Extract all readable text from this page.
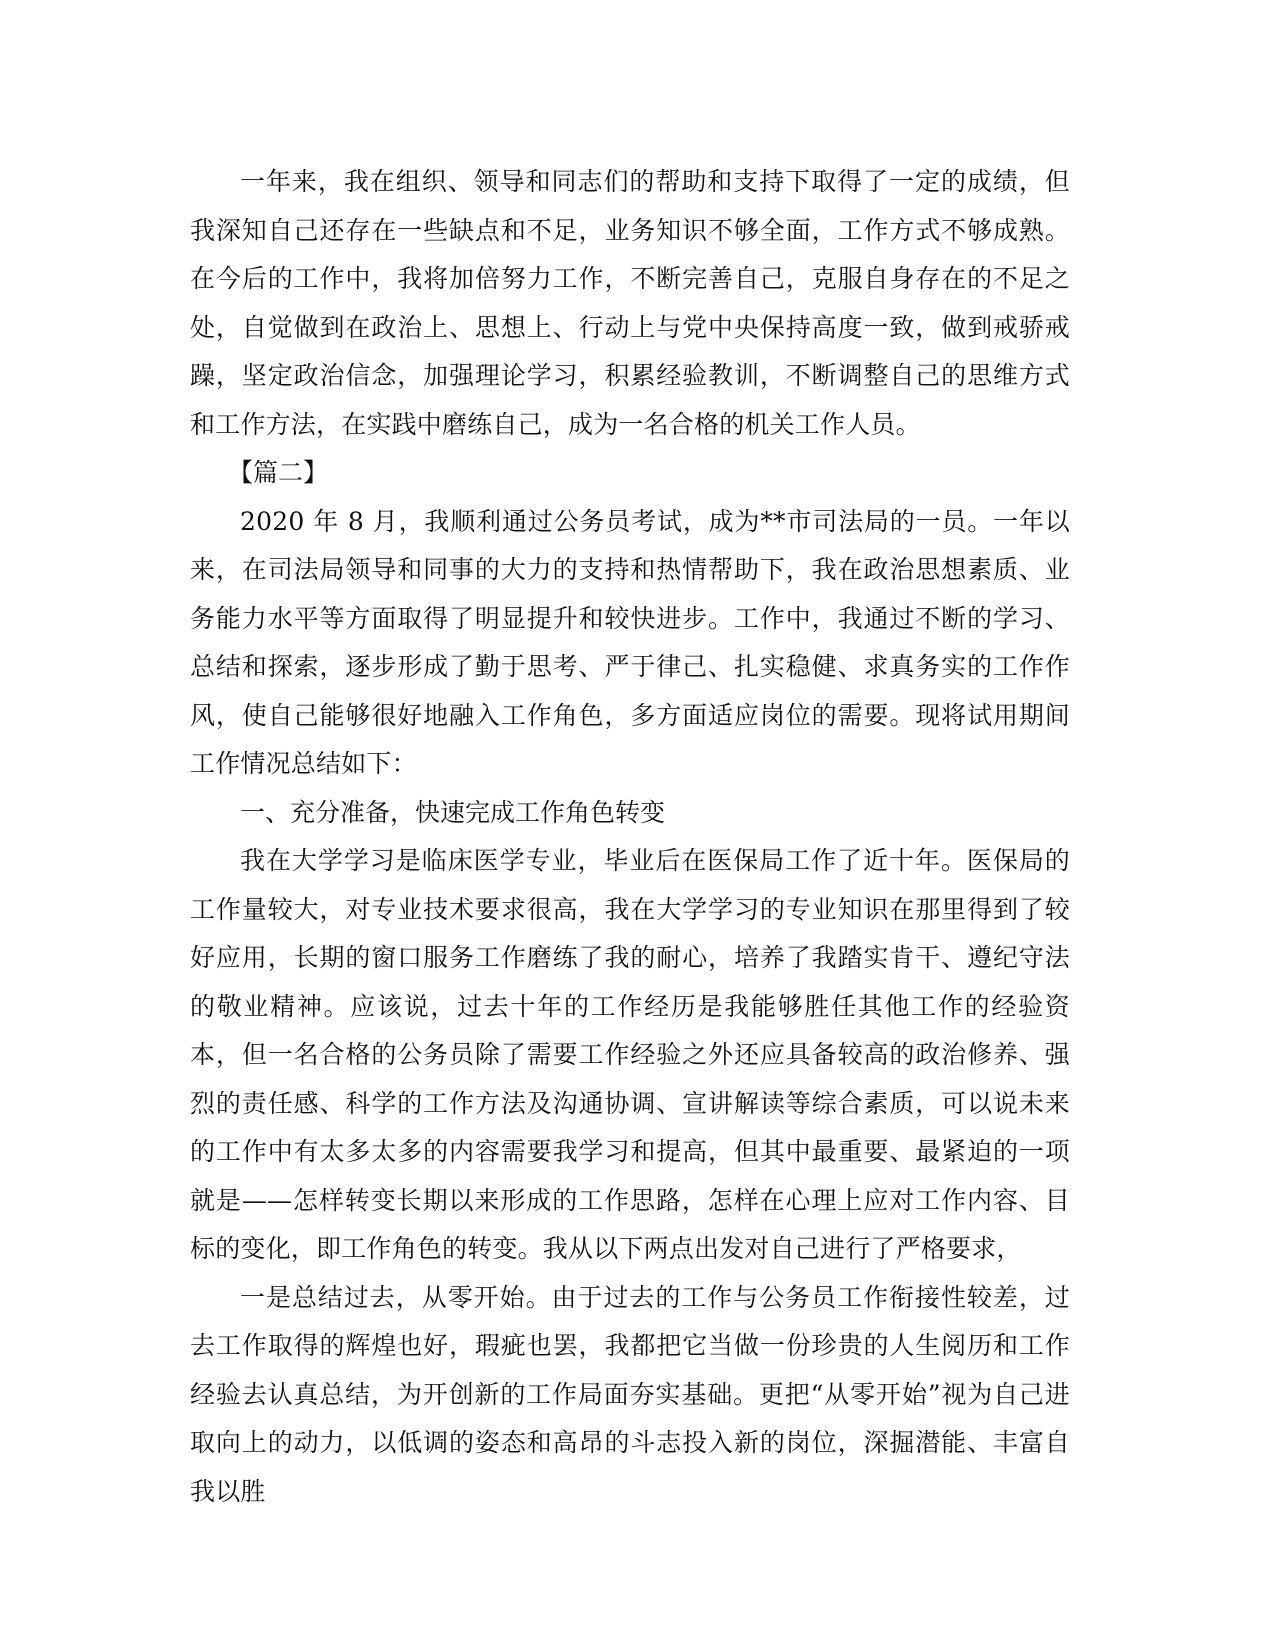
一年来，我在组织、领导和同志们的帮助和支持下取得了一定的成绩，但我深知自己还存在一些缺点和不足，业务知识不够全面，工作方式不够成熟。在今后的工作中，我将加倍努力工作，不断完善自己，克服自身存在的不足之处，自觉做到在政治上、思想上、行动上与党中央保持高度一致，做到戒骄戒躁，坚定政治信念，加强理论学习，积累经验教训，不断调整自己的思维方式和工作方法，在实践中磨练自己，成为一名合格的机关工作人员。

【篇二】

2020 年 8 月，我顺利通过公务员考试，成为**市司法局的一员。一年以来，在司法局领导和同事的大力的支持和热情帮助下，我在政治思想素质、业务能力水平等方面取得了明显提升和较快进步。工作中，我通过不断的学习、总结和探索，逐步形成了勤于思考、严于律己、扎实稳健、求真务实的工作作风，使自己能够很好地融入工作角色，多方面适应岗位的需要。现将试用期间工作情况总结如下：

一、充分准备，快速完成工作角色转变

我在大学学习是临床医学专业，毕业后在医保局工作了近十年。医保局的工作量较大，对专业技术要求很高，我在大学学习的专业知识在那里得到了较好应用，长期的窗口服务工作磨练了我的耐心，培养了我踏实肯干、遵纪守法的敬业精神。应该说，过去十年的工作经历是我能够胜任其他工作的经验资本，但一名合格的公务员除了需要工作经验之外还应具备较高的政治修养、强烈的责任感、科学的工作方法及沟通协调、宣讲解读等综合素质，可以说未来的工作中有太多太多的内容需要我学习和提高，但其中最重要、最紧迫的一项就是——怎样转变长期以来形成的工作思路，怎样在心理上应对工作内容、目标的变化，即工作角色的转变。我从以下两点出发对自己进行了严格要求，

一是总结过去，从零开始。由于过去的工作与公务员工作衔接性较差，过去工作取得的辉煌也好，瑕疵也罢，我都把它当做一份珍贵的人生阅历和工作经验去认真总结，为开创新的工作局面夯实基础。更把“从零开始”视为自己进取向上的动力，以低调的姿态和高昂的斗志投入新的岗位，深掘潜能、丰富自我以胜
